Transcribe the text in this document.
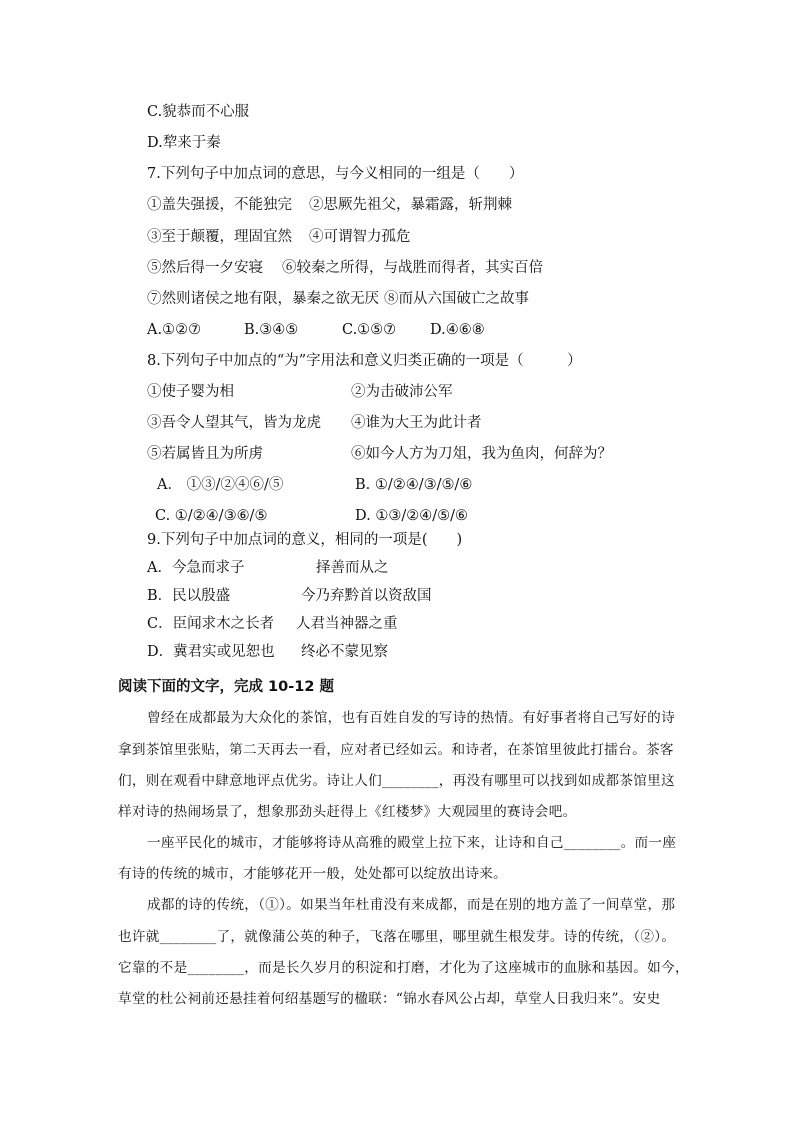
C.貌恭而不心服
D.犂来于秦
7.下列句子中加点词的意思，与今义相同的一组是（　　）
①盖失强援，不能独完 ②思厥先祖父，暴霜露，斩荆棘
③至于颠覆，理固宜然 ④可谓智力孤危
⑤然后得一夕安寝 ⑥较秦之所得，与战胜而得者，其实百倍
⑦然则诸侯之地有限，暴秦之欲无厌 ⑧而从六国破亡之故事
A.①②⑦	B.③④⑤	C.①⑤⑦ D.④⑥⑧
8.下列句子中加点的“为”字用法和意义归类正确的一项是（　　　）
①使子婴为相	②为击破沛公军
③吾令人望其气，皆为龙虎 ④谁为大王为此计者
⑤若属皆且为所虏	⑥如今人方为刀俎，我为鱼肉，何辞为？
A． ①③/②④⑥/⑤	B. ①/②④/③/⑤/⑥
C. ①/②④/③⑥/⑤	D. ①③/②④/⑤/⑥
9.下列句子中加点词的意义，相同的一项是(　　)
A．今急而求子	择善而从之
B．民以殷盛	今乃弃黔首以资敌国
C．臣闻求木之长者 人君当神器之重
D．冀君实或见恕也 终必不蒙见察
阅读下面的文字，完成 10-12 题
曾经在成都最为大众化的茶馆，也有百姓自发的写诗的热情。有好事者将自己写好的诗
拿到茶馆里张贴，第二天再去一看，应对者已经如云。和诗者，在茶馆里彼此打擂台。茶客
们，则在观看中肆意地评点优劣。诗让人们________，再没有哪里可以找到如成都茶馆里这
样对诗的热闹场景了，想象那劲头赶得上《红楼梦》大观园里的赛诗会吧。
一座平民化的城市，才能够将诗从高雅的殿堂上拉下来，让诗和自己________。而一座
有诗的传统的城市，才能够花开一般，处处都可以绽放出诗来。
成都的诗的传统，（①）。如果当年杜甫没有来成都，而是在别的地方盖了一间草堂，那
也许就________了，就像蒲公英的种子，飞落在哪里，哪里就生根发芽。诗的传统，（②）。
它靠的不是________，而是长久岁月的积淀和打磨，才化为了这座城市的血脉和基因。如今，
草堂的杜公祠前还悬挂着何绍基题写的楹联：“锦水春风公占却，草堂人日我归来”。安史
